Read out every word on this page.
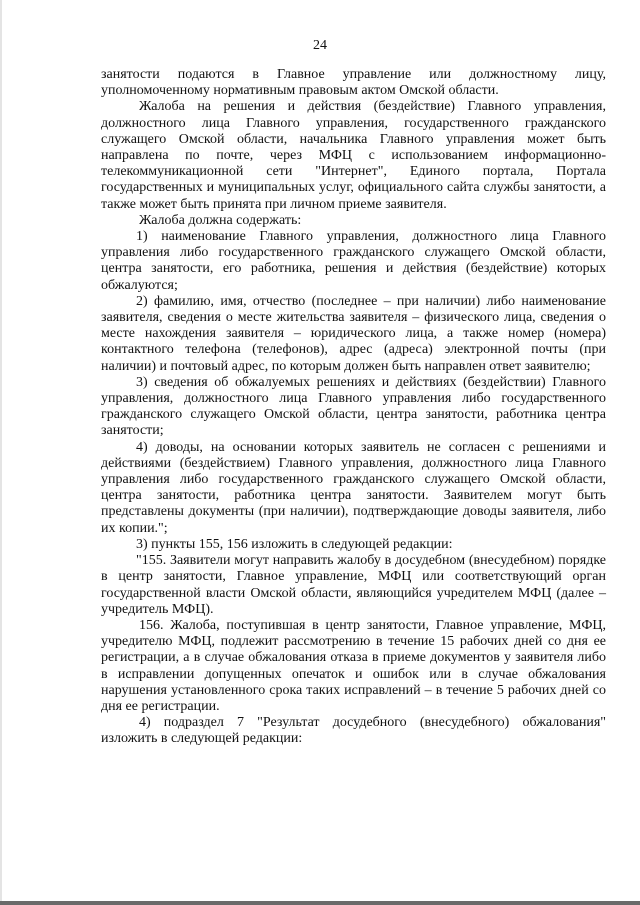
24

занятости подаются в Главное управление или должностному лицу, уполномоченному нормативным правовым актом Омской области.

Жалоба на решения и действия (бездействие) Главного управления, должностного лица Главного управления, государственного гражданского служащего Омской области, начальника Главного управления может быть направлена по почте, через МФЦ с использованием информационно-телекоммуникационной сети "Интернет", Единого портала, Портала государственных и муниципальных услуг, официального сайта службы занятости, а также может быть принята при личном приеме заявителя.

Жалоба должна содержать:

1) наименование Главного управления, должностного лица Главного управления либо государственного гражданского служащего Омской области, центра занятости, его работника, решения и действия (бездействие) которых обжалуются;

2) фамилию, имя, отчество (последнее – при наличии) либо наименование заявителя, сведения о месте жительства заявителя – физического лица, сведения о месте нахождения заявителя – юридического лица, а также номер (номера) контактного телефона (телефонов), адрес (адреса) электронной почты (при наличии) и почтовый адрес, по которым должен быть направлен ответ заявителю;

3) сведения об обжалуемых решениях и действиях (бездействии) Главного управления, должностного лица Главного управления либо государственного гражданского служащего Омской области, центра занятости, работника центра занятости;

4) доводы, на основании которых заявитель не согласен с решениями и действиями (бездействием) Главного управления, должностного лица Главного управления либо государственного гражданского служащего Омской области, центра занятости, работника центра занятости. Заявителем могут быть представлены документы (при наличии), подтверждающие доводы заявителя, либо их копии.";

3) пункты 155, 156 изложить в следующей редакции:

"155. Заявители могут направить жалобу в досудебном (внесудебном) порядке в центр занятости, Главное управление, МФЦ или соответствующий орган государственной власти Омской области, являющийся учредителем МФЦ (далее – учредитель МФЦ).

156. Жалоба, поступившая в центр занятости, Главное управление, МФЦ, учредителю МФЦ, подлежит рассмотрению в течение 15 рабочих дней со дня ее регистрации, а в случае обжалования отказа в приеме документов у заявителя либо в исправлении допущенных опечаток и ошибок или в случае обжалования нарушения установленного срока таких исправлений – в течение 5 рабочих дней со дня ее регистрации.

4) подраздел 7 "Результат досудебного (внесудебного) обжалования" изложить в следующей редакции:
